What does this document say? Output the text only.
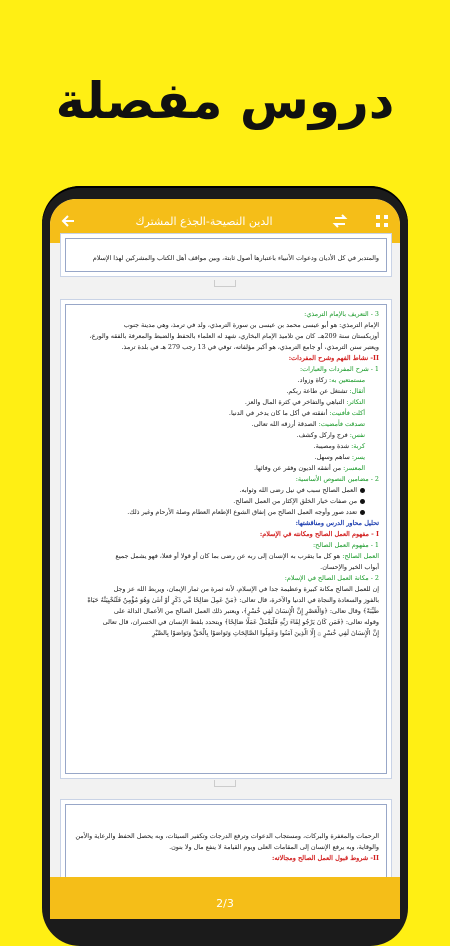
دروس مفصلة
الدين النصيحة-الجذع المشترك
والمتدبر في كل الأديان ودعوات الأنبياء باعتبارها أصول ثابتة، وبين مواقف أهل الكتاب والمشركين لهذا الإسلام
3 - التعريف بالإمام الترمذي:
الإمام الترمذي: هو أبو عيسى محمد بن عيسى بن سورة الترمذي، ولد في ترمذ، وهي مدينة جنوب
أوزبكستان سنة 209هـ. كان من تلاميذ الإمام البخاري، شهد له العلماء بالحفظ والضبط والمعرفة بالفقه والورع،
ويعتبر سنن الترمذي، أو جامع الترمذي، هو أكبر مؤلفاته، توفي في 13 رجب 279 هـ في بلدة ترمذ.
II- نشاط الفهم وشرح المفردات:
1 - شرح المفردات والعبارات:
مستمتعين به: زكاة وزواد.
أثقال: تشتغل عن طاعة ربكم.
التكاثر: التباهي والتفاخر في كثرة المال والعز.
أكلت فأفنيت: أنفقته في أكل ما كان يدخر في الدنيا.
تصدقت فأمضيت: الصدقة أرزقه الله تعالى.
نفس: فرج واركل وكشف.
كربة: شدة ومصيبة.
يسر: ساهم وسهل.
المعسر: من أنفقه الديون وفقر عن وفائها.
2 - مضامين النصوص الأساسية:
العمل الصالح سبب في نيل رضى الله وثوابه.
من صفات خيار الخلق الإكثار من العمل الصالح.
تعدد صور وأوجه العمل الصالح من إنفاق الشوع الإطعام العطام وصلة الأرحام وغير ذلك.
تحليل محاور الدرس ومناقشتها:
I - مفهوم العمل الصالح ومكانته في الإسلام:
1 - مفهوم العمل الصالح:
العمل الصالح: هو كل ما يتقرب به الإنسان إلى ربه عن رضى بما كان أو قولا أو فعلا، فهو يشمل جميع
أبواب الخير والإحسان.
2 - مكانة العمل الصالح في الإسلام:
إن للعمل الصالح مكانة كبيرة وعظيمة جدا في الإسلام، لأنه ثمرة من ثمار الإيمان، ويربط الله عز وجل
بالفوز والسعادة والنجاة في الدنيا والآخرة، قال تعالى: ﴿مَنْ عَمِلَ صَالِحًا مِّن ذَكَرٍ أَوْ أُنثَىٰ وَهُوَ مُؤْمِنٌ فَلَنُحْيِيَنَّهُ حَيَاةً
طَيِّبَةً﴾ وقال تعالى: ﴿وَالْعَصْرِ إِنَّ الْإِنسَانَ لَفِي خُسْرٍ﴾، ويعتبر ذلك العمل الصالح من الأعمال الدالة على
وقوله تعالى: ﴿فَمَن كَانَ يَرْجُو لِقَاءَ رَبِّهِ فَلْيَعْمَلْ عَمَلًا صَالِحًا﴾ ويتحدد بلفظ الإنسان في الخسران، قال تعالى
إِنَّ الْإِنسَانَ لَفِي خُسْرٍ ۞ إِلَّا الَّذِينَ آمَنُوا وَعَمِلُوا الصَّالِحَاتِ وَتَوَاصَوْا بِالْحَقِّ وَتَوَاصَوْا بِالصَّبْرِ
الرحمات والمغفرة والبركات، ومستجاب الدعوات وترفع الدرجات وتكفير السيئات، وبه يحصل الحفظ والرعاية والأمن
والوقاية، وبه يرفع الإنسان إلى المقامات العلى ويوم القيامة لا ينفع مال ولا بنون.
II- شروط قبول العمل الصالح ومجالاته:
2/3
